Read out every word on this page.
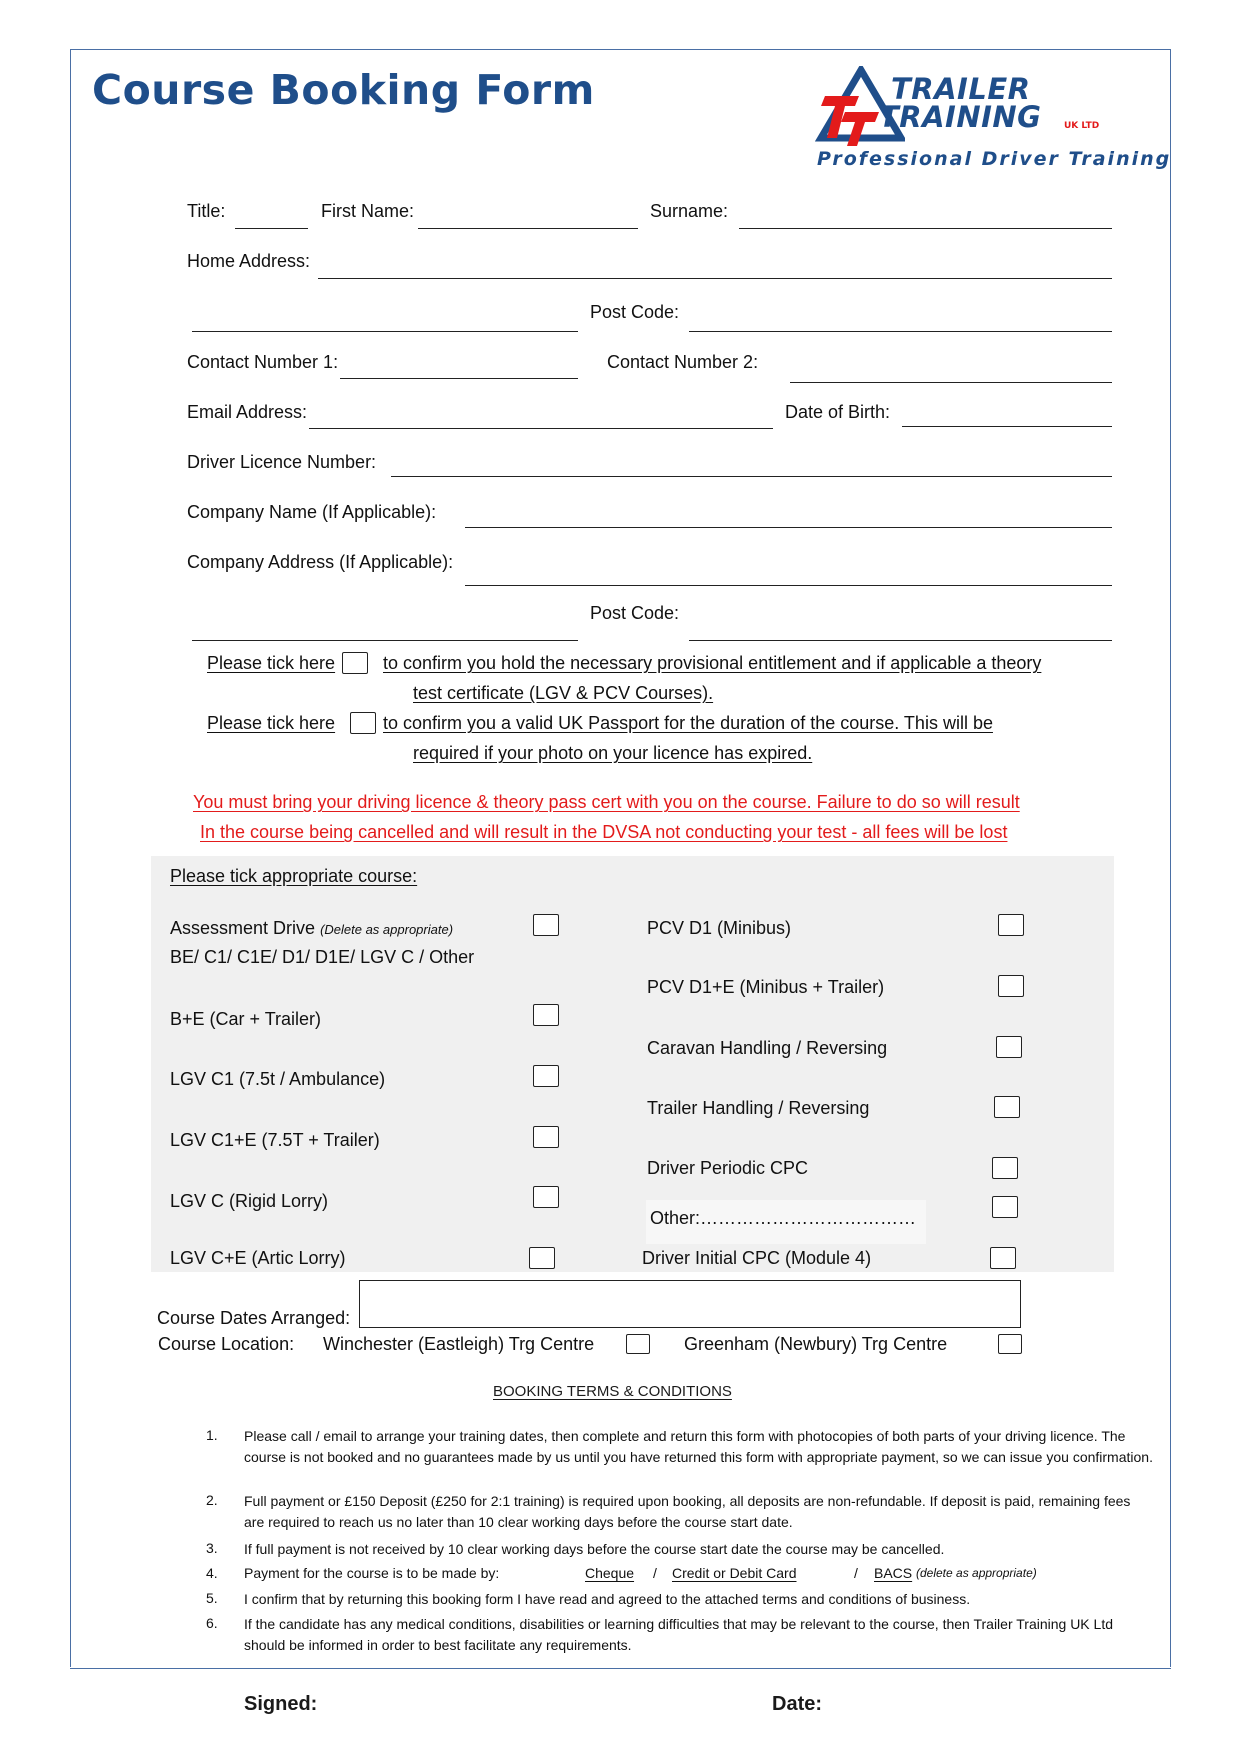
Course Booking Form	TRAILER
TRAINING	UK LTD
Professional Driver Training
Title:	First Name:	Surname:
Home Address:
Post Code:
Contact Number 1:	Contact Number 2:
Email Address:	Date of Birth:
Driver Licence Number:
Company Name (If Applicable):
Company Address (If Applicable):
Post Code:
Please tick here	to confirm you hold the necessary provisional entitlement and if applicable a theory
test certificate (LGV & PCV Courses).
Please tick here	to confirm you a valid UK Passport for the duration of the course. This will be
required if your photo on your licence has expired.
You must bring your driving licence & theory pass cert with you on the course. Failure to do so will result
In the course being cancelled and will result in the DVSA not conducting your test - all fees will be lost
Please tick appropriate course:
Assessment Drive (Delete as appropriate)
BE/ C1/ C1E/ D1/ D1E/ LGV C / Other
B+E (Car + Trailer)
LGV C1 (7.5t / Ambulance)
LGV C1+E (7.5T + Trailer)
LGV C (Rigid Lorry)
LGV C+E (Artic Lorry)
PCV D1 (Minibus)
PCV D1+E (Minibus + Trailer)
Caravan Handling / Reversing
Trailer Handling / Reversing
Driver Periodic CPC
Other:………………………………
Driver Initial CPC (Module 4)
Course Dates Arranged:
Course Location: Winchester (Eastleigh) Trg Centre	Greenham (Newbury) Trg Centre
BOOKING TERMS & CONDITIONS
1. Please call / email to arrange your training dates, then complete and return this form with photocopies of both parts of your driving licence. The course is not booked and no guarantees made by us until you have returned this form with appropriate payment, so we can issue you confirmation.
2. Full payment or £150 Deposit (£250 for 2:1 training) is required upon booking, all deposits are non-refundable. If deposit is paid, remaining fees are required to reach us no later than 10 clear working days before the course start date.
3. If full payment is not received by 10 clear working days before the course start date the course may be cancelled.
4. Payment for the course is to be made by:	Cheque / Credit or Debit Card	/ BACS (delete as appropriate)
5. I confirm that by returning this booking form I have read and agreed to the attached terms and conditions of business.
6. If the candidate has any medical conditions, disabilities or learning difficulties that may be relevant to the course, then Trailer Training UK Ltd should be informed in order to best facilitate any requirements.
Signed:	Date:
